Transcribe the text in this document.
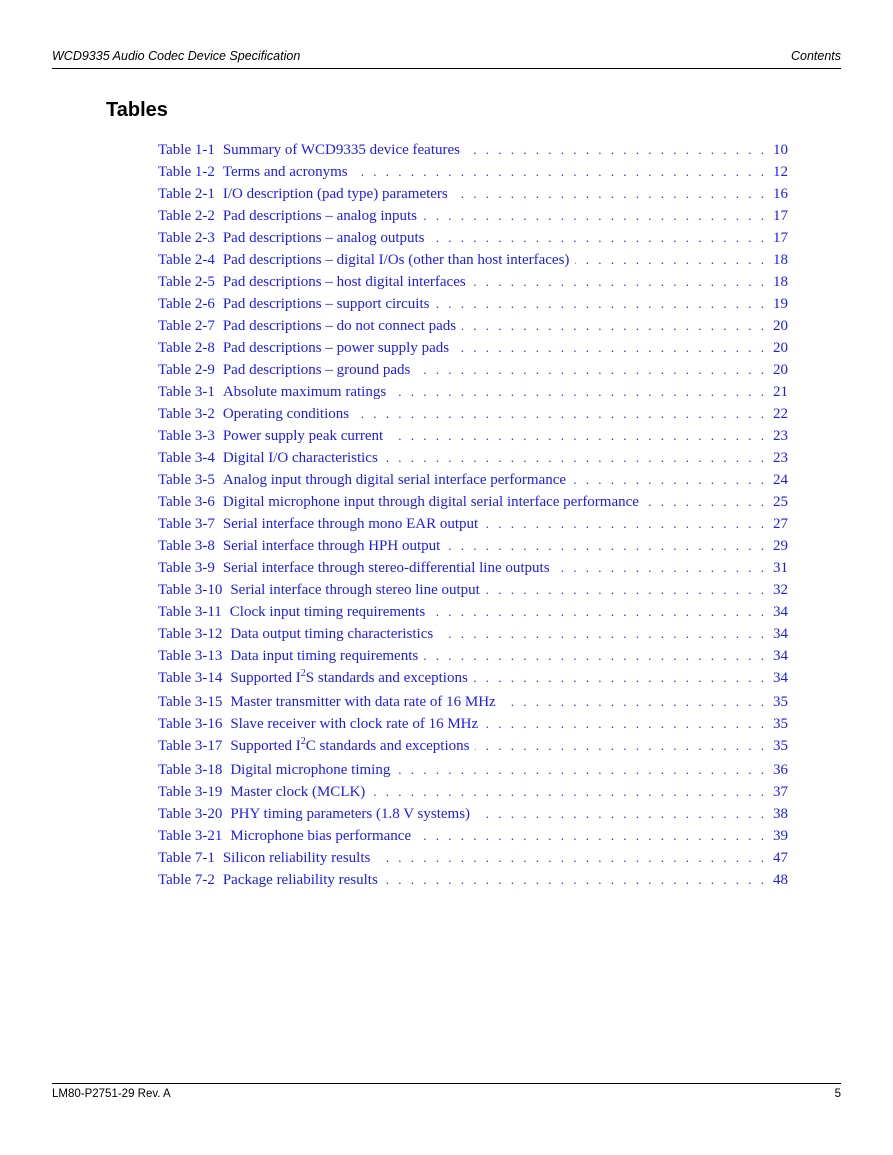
WCD9335 Audio Codec Device Specification	Contents
Tables
Table 1-1 Summary of WCD9335 device features . . .	10
Table 1-2 Terms and acronyms . . .	12
Table 2-1 I/O description (pad type) parameters . . .	16
Table 2-2 Pad descriptions – analog inputs . . .	17
Table 2-3 Pad descriptions – analog outputs . . .	17
Table 2-4 Pad descriptions – digital I/Os (other than host interfaces) . . .	18
Table 2-5 Pad descriptions – host digital interfaces . . .	18
Table 2-6 Pad descriptions – support circuits . . .	19
Table 2-7 Pad descriptions – do not connect pads . . .	20
Table 2-8 Pad descriptions – power supply pads . . .	20
Table 2-9 Pad descriptions – ground pads . . .	20
Table 3-1 Absolute maximum ratings . . .	21
Table 3-2 Operating conditions . . .	22
Table 3-3 Power supply peak current . . .	23
Table 3-4 Digital I/O characteristics . . .	23
Table 3-5 Analog input through digital serial interface performance . . .	24
Table 3-6 Digital microphone input through digital serial interface performance . . .	25
Table 3-7 Serial interface through mono EAR output . . .	27
Table 3-8 Serial interface through HPH output . . .	29
Table 3-9 Serial interface through stereo-differential line outputs . . .	31
Table 3-10 Serial interface through stereo line output . . .	32
Table 3-11 Clock input timing requirements . . .	34
Table 3-12 Data output timing characteristics . . .	34
Table 3-13 Data input timing requirements . . .	34
Table 3-14 Supported $I^2S$ standards and exceptions . . .	34
Table 3-15 Master transmitter with data rate of 16 MHz . . .	35
Table 3-16 Slave receiver with clock rate of 16 MHz . . .	35
Table 3-17 Supported $I^2C$ standards and exceptions . . .	35
Table 3-18 Digital microphone timing . . .	36
Table 3-19 Master clock (MCLK) . . .	37
Table 3-20 PHY timing parameters (1.8 V systems) . . .	38
Table 3-21 Microphone bias performance . . .	39
Table 7-1 Silicon reliability results . . .	47
Table 7-2 Package reliability results . . .	48
LM80-P2751-29 Rev. A	5
